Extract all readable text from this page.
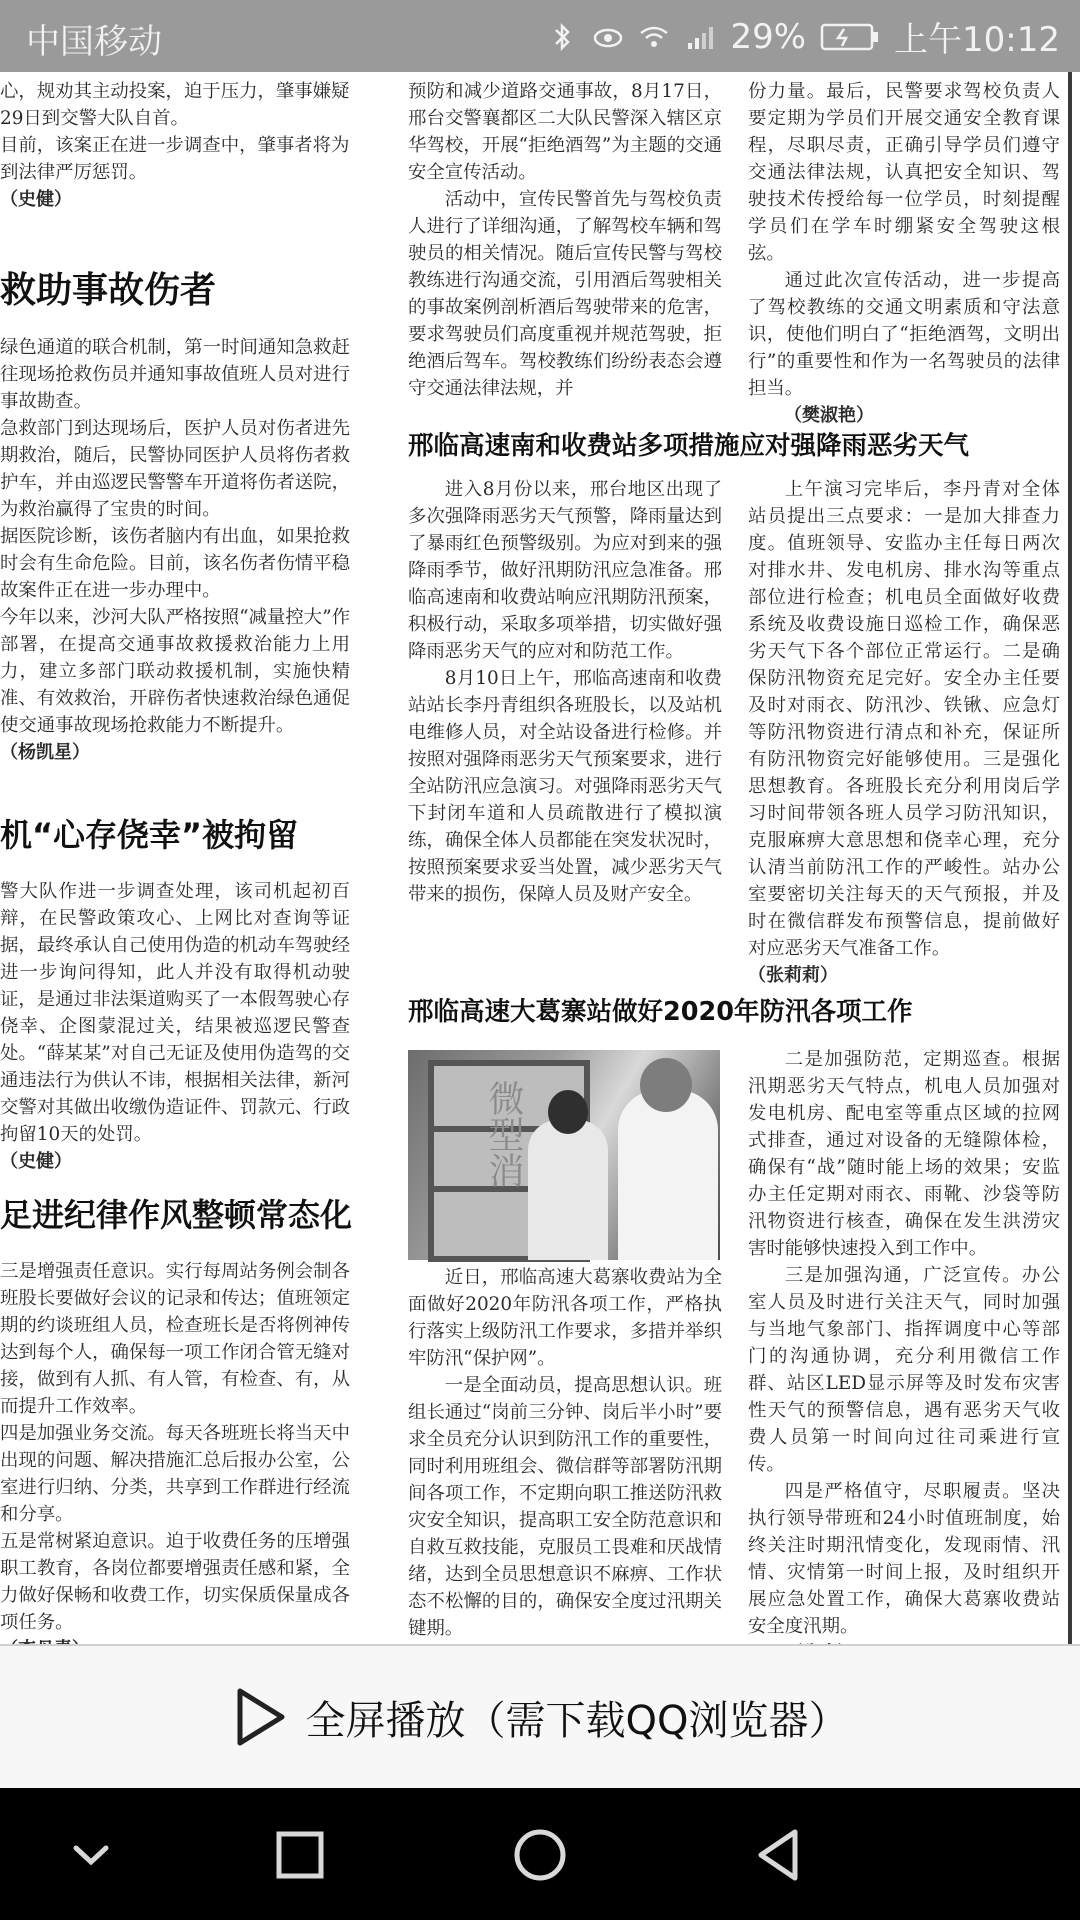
中国移动	29%	上午10:12

心，规劝其主动投案，迫于压力，肇事嫌疑

29日到交警大队自首。

目前，该案正在进一步调查中，肇事者将为

到法律严厉惩罚。

（史健）

救助事故伤者

绿色通道的联合机制，第一时间通知急救赶往现场抢救伤员并通知事故值班人员对进行事故勘查。

急救部门到达现场后，医护人员对伤者进先期救治，随后，民警协同医护人员将伤者救护车，并由巡逻民警警车开道将伤者送院，为救治赢得了宝贵的时间。

据医院诊断，该伤者脑内有出血，如果抢救时会有生命危险。目前，该名伤者伤情平稳故案件正在进一步办理中。

今年以来，沙河大队严格按照“减量控大”作部署，在提高交通事故救援救治能力上用力，建立多部门联动救援机制，实施快精准、有效救治，开辟伤者快速救治绿色通促使交通事故现场抢救能力不断提升。

（杨凯星）

机“心存侥幸”被拘留

警大队作进一步调查处理，该司机起初百辩，在民警政策攻心、上网比对查询等证据，最终承认自己使用伪造的机动车驾驶经进一步询问得知，此人并没有取得机动驶证，是通过非法渠道购买了一本假驾驶心存侥幸、企图蒙混过关，结果被巡逻民警查处。“薛某某”对自己无证及使用伪造驾的交通违法行为供认不讳，根据相关法律，新河交警对其做出收缴伪造证件、罚款元、行政拘留10天的处罚。

（史健）
足进纪律作风整顿常态化

三是增强责任意识。实行每周站务例会制各班股长要做好会议的记录和传达；值班领定期的约谈班组人员，检查班长是否将例神传达到每个人，确保每一项工作闭合管无缝对接，做到有人抓、有人管，有检查、有，从而提升工作效率。

四是加强业务交流。每天各班班长将当天中出现的问题、解决措施汇总后报办公室，公室进行归纳、分类，共享到工作群进行经流和分享。

五是常树紧迫意识。迫于收费任务的压增强职工教育，各岗位都要增强责任感和紧，全力做好保畅和收费工作，切实保质保量成各项任务。

预防和减少道路交通事故，8月17日，邢台交警襄都区二大队民警深入辖区京华驾校，开展“拒绝酒驾”为主题的交通安全宣传活动。

活动中，宣传民警首先与驾校负责人进行了详细沟通，了解驾校车辆和驾驶员的相关情况。随后宣传民警与驾校教练进行沟通交流，引用酒后驾驶相关的事故案例剖析酒后驾驶带来的危害，要求驾驶员们高度重视并规范驾驶，拒绝酒后驾车。驾校教练们纷纷表态会遵守交通法律法规，并

份力量。最后，民警要求驾校负责人要定期为学员们开展交通安全教育课程，尽职尽责，正确引导学员们遵守交通法律法规，认真把安全知识、驾驶技术传授给每一位学员，时刻提醒学员们在学车时绷紧安全驾驶这根弦。

通过此次宣传活动，进一步提高了驾校教练的交通文明素质和守法意识，使他们明白了“拒绝酒驾，文明出行”的重要性和作为一名驾驶员的法律担当。

（樊淑艳）

邢临高速南和收费站多项措施应对强降雨恶劣天气

进入8月份以来，邢台地区出现了多次强降雨恶劣天气预警，降雨量达到了暴雨红色预警级别。为应对到来的强降雨季节，做好汛期防汛应急准备。邢临高速南和收费站响应汛期防汛预案，积极行动，采取多项举措，切实做好强降雨恶劣天气的应对和防范工作。

8月10日上午，邢临高速南和收费站站长李丹青组织各班股长，以及站机电维修人员，对全站设备进行检修。并按照对强降雨恶劣天气预案要求，进行全站防汛应急演习。对强降雨恶劣天气下封闭车道和人员疏散进行了模拟演练，确保全体人员都能在突发状况时，按照预案要求妥当处置，减少恶劣天气带来的损伤，保障人员及财产安全。

上午演习完毕后，李丹青对全体站员提出三点要求：一是加大排查力度。值班领导、安监办主任每日两次对排水井、发电机房、排水沟等重点部位进行检查；机电员全面做好收费系统及收费设施日巡检工作，确保恶劣天气下各个部位正常运行。二是确保防汛物资充足完好。安全办主任要及时对雨衣、防汛沙、铁锹、应急灯等防汛物资进行清点和补充，保证所有防汛物资完好能够使用。三是强化思想教育。各班股长充分利用岗后学习时间带领各班人员学习防汛知识，克服麻痹大意思想和侥幸心理，充分认清当前防汛工作的严峻性。站办公室要密切关注每天的天气预报，并及时在微信群发布预警信息，提前做好对应恶劣天气准备工作。

（张莉莉）
邢临高速大葛寨站做好2020年防汛各项工作
微型消

近日，邢临高速大葛寨收费站为全面做好2020年防汛各项工作，严格执行落实上级防汛工作要求，多措并举织牢防汛“保护网”。

一是全面动员，提高思想认识。班组长通过“岗前三分钟、岗后半小时”要求全员充分认识到防汛工作的重要性，同时利用班组会、微信群等部署防汛期间各项工作，不定期向职工推送防汛救灾安全知识，提高职工安全防范意识和自救互救技能，克服员工畏难和厌战情绪，达到全员思想意识不麻痹、工作状态不松懈的目的，确保安全度过汛期关键期。

二是加强防范，定期巡查。根据汛期恶劣天气特点，机电人员加强对发电机房、配电室等重点区域的拉网式排查，通过对设备的无缝隙体检，确保有“战”随时能上场的效果；安监办主任定期对雨衣、雨靴、沙袋等防汛物资进行核查，确保在发生洪涝灾害时能够快速投入到工作中。

三是加强沟通，广泛宣传。办公室人员及时进行关注天气，同时加强与当地气象部门、指挥调度中心等部门的沟通协调，充分利用微信工作群、站区LED显示屏等及时发布灾害性天气的预警信息，遇有恶劣天气收费人员第一时间向过往司乘进行宣传。

四是严格值守，尽职履责。坚决执行领导带班和24小时值班制度，始终关注时期汛情变化，发现雨情、汛情、灾情第一时间上报，及时组织开展应急处置工作，确保大葛寨收费站安全度汛期。

全屏播放（需下载QQ浏览器）
